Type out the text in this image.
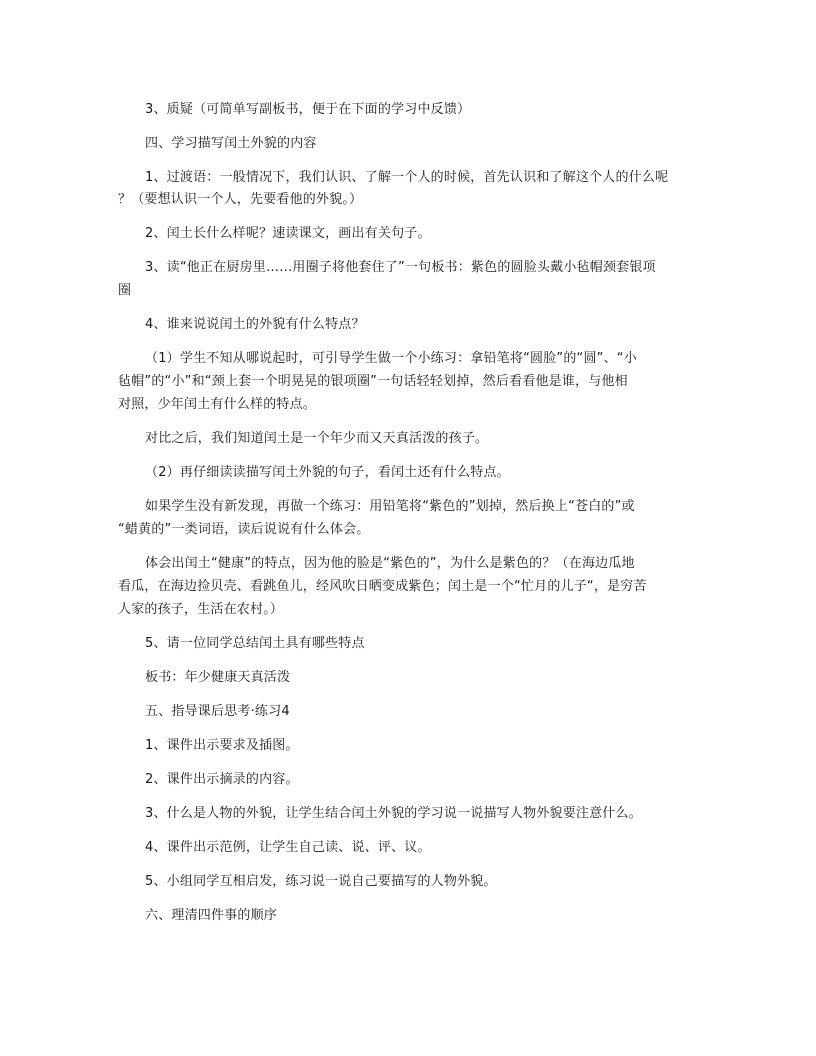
3、质疑（可简单写副板书，便于在下面的学习中反馈）
四、学习描写闰土外貌的内容
1、过渡语：一般情况下，我们认识、了解一个人的时候，首先认识和了解这个人的什么呢
？（要想认识一个人，先要看他的外貌。）
2、闰土长什么样呢？速读课文，画出有关句子。
3、读“他正在厨房里……用圈子将他套住了”一句板书：紫色的圆脸头戴小毡帽颈套银项
圈
4、谁来说说闰土的外貌有什么特点？
（1）学生不知从哪说起时，可引导学生做一个小练习：拿铅笔将“圆脸”的“圆”、“小
毡帽”的“小”和“颈上套一个明晃晃的银项圈”一句话轻轻划掉，然后看看他是谁，与他相
对照，少年闰土有什么样的特点。
对比之后，我们知道闰土是一个年少而又天真活泼的孩子。
（2）再仔细读读描写闰土外貌的句子，看闰土还有什么特点。
如果学生没有新发现，再做一个练习：用铅笔将“紫色的”划掉，然后换上“苍白的”或
“蜡黄的”一类词语，读后说说有什么体会。
体会出闰土“健康”的特点，因为他的脸是“紫色的”，为什么是紫色的？（在海边瓜地
看瓜，在海边捡贝壳、看跳鱼儿，经风吹日晒变成紫色；闰土是一个“忙月的儿子“，是穷苦
人家的孩子，生活在农村。）
5、请一位同学总结闰土具有哪些特点
板书：年少健康天真活泼
五、指导课后思考·练习4
1、课件出示要求及插图。
2、课件出示摘录的内容。
3、什么是人物的外貌，让学生结合闰土外貌的学习说一说描写人物外貌要注意什么。
4、课件出示范例，让学生自己读、说、评、议。
5、小组同学互相启发，练习说一说自己要描写的人物外貌。
六、理清四件事的顺序
